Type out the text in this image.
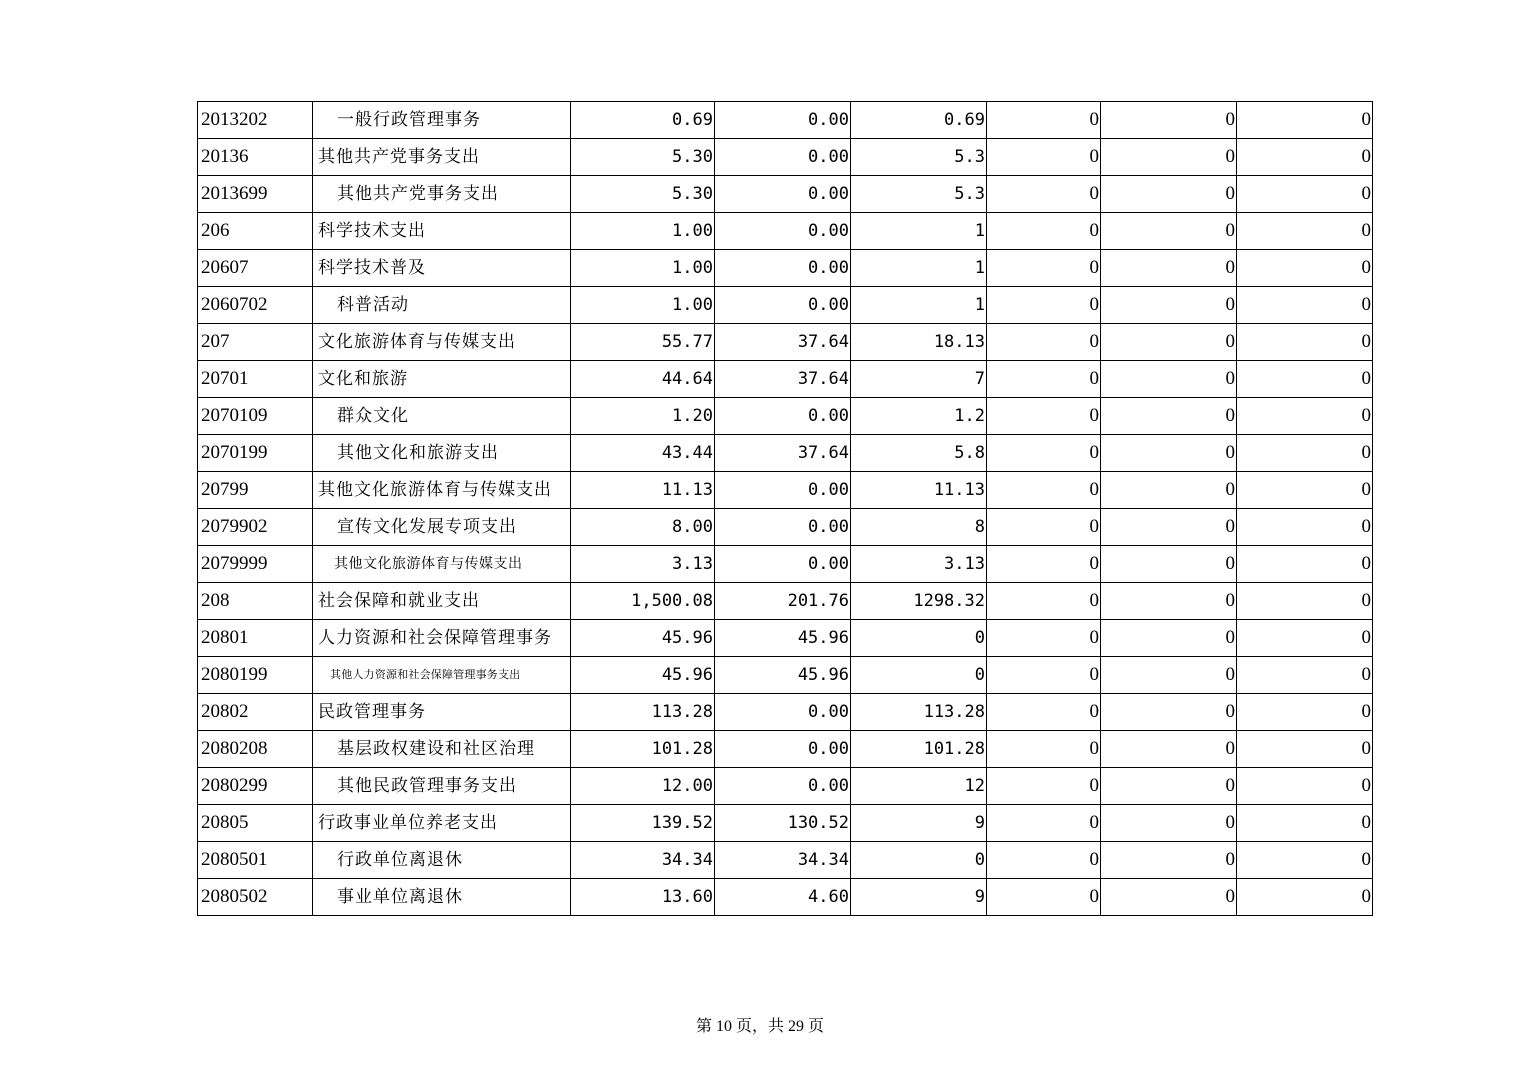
2013202	一般行政管理事务	0.69	0.00	0.69	0	0	0
20136	其他共产党事务支出	5.30	0.00	5.3	0	0	0
2013699	其他共产党事务支出	5.30	0.00	5.3	0	0	0
206	科学技术支出	1.00	0.00	1	0	0	0
20607	科学技术普及	1.00	0.00	1	0	0	0
2060702	科普活动	1.00	0.00	1	0	0	0
207	文化旅游体育与传媒支出	55.77	37.64	18.13	0	0	0
20701	文化和旅游	44.64	37.64	7	0	0	0
2070109	群众文化	1.20	0.00	1.2	0	0	0
2070199	其他文化和旅游支出	43.44	37.64	5.8	0	0	0
20799	其他文化旅游体育与传媒支出	11.13	0.00	11.13	0	0	0
2079902	宣传文化发展专项支出	8.00	0.00	8	0	0	0
2079999	其他文化旅游体育与传媒支出	3.13	0.00	3.13	0	0	0
208	社会保障和就业支出	1,500.08	201.76	1298.32	0	0	0
20801	人力资源和社会保障管理事务	45.96	45.96	0	0	0	0
2080199	其他人力资源和社会保障管理事务支出	45.96	45.96	0	0	0	0
20802	民政管理事务	113.28	0.00	113.28	0	0	0
2080208	基层政权建设和社区治理	101.28	0.00	101.28	0	0	0
2080299	其他民政管理事务支出	12.00	0.00	12	0	0	0
20805	行政事业单位养老支出	139.52	130.52	9	0	0	0
2080501	行政单位离退休	34.34	34.34	0	0	0	0
2080502	事业单位离退休	13.60	4.60	9	0	0	0
第 10 页，共 29 页
